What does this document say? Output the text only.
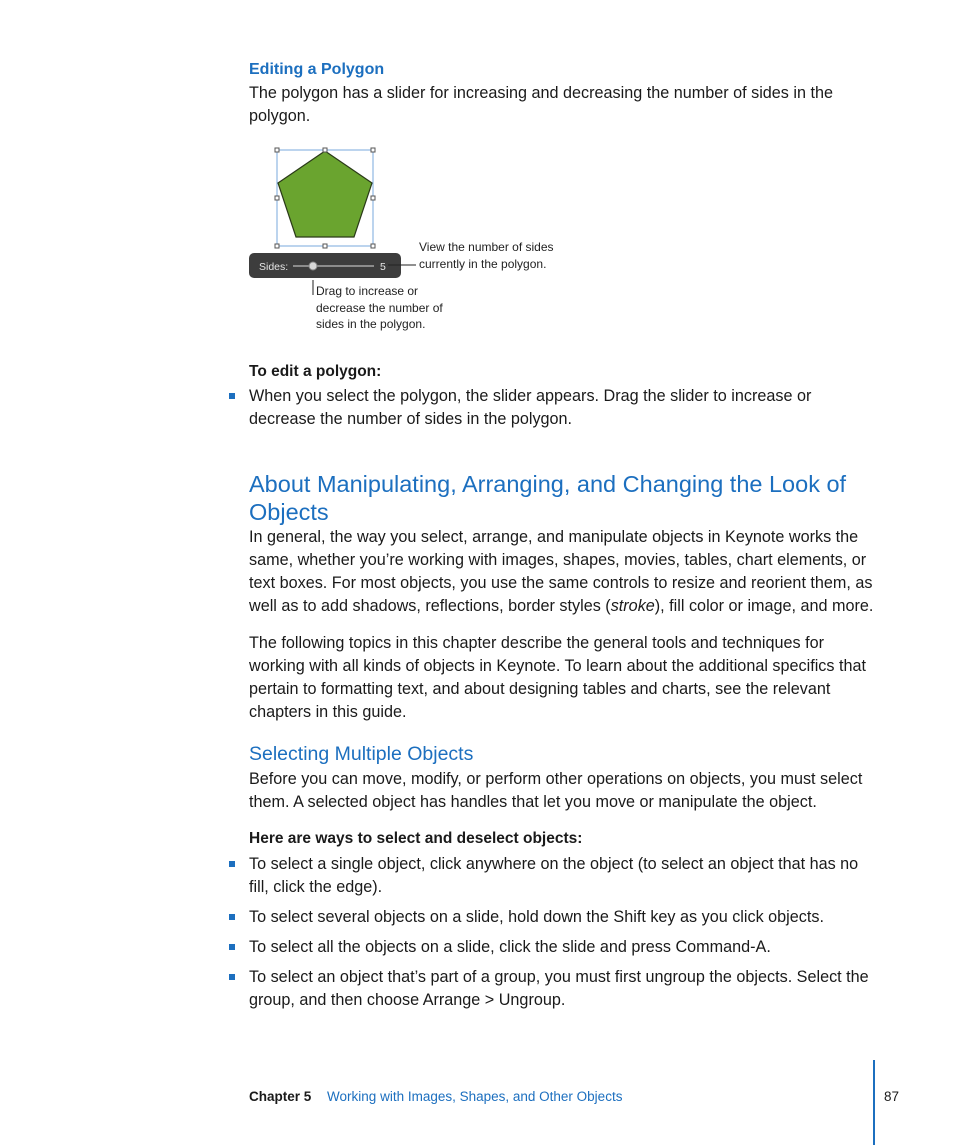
Editing a Polygon
The polygon has a slider for increasing and decreasing the number of sides in the polygon.
Sides:	5
View the number of sides currently in the polygon.
Drag to increase or decrease the number of sides in the polygon.
To edit a polygon:
When you select the polygon, the slider appears. Drag the slider to increase or decrease the number of sides in the polygon.
About Manipulating, Arranging, and Changing the Look of Objects
In general, the way you select, arrange, and manipulate objects in Keynote works the same, whether you’re working with images, shapes, movies, tables, chart elements, or text boxes. For most objects, you use the same controls to resize and reorient them, as well as to add shadows, reflections, border styles (stroke), fill color or image, and more.
The following topics in this chapter describe the general tools and techniques for working with all kinds of objects in Keynote. To learn about the additional specifics that pertain to formatting text, and about designing tables and charts, see the relevant chapters in this guide.
Selecting Multiple Objects
Before you can move, modify, or perform other operations on objects, you must select them. A selected object has handles that let you move or manipulate the object.
Here are ways to select and deselect objects:
To select a single object, click anywhere on the object (to select an object that has no fill, click the edge).
To select several objects on a slide, hold down the Shift key as you click objects.
To select all the objects on a slide, click the slide and press Command-A.
To select an object that’s part of a group, you must first ungroup the objects. Select the group, and then choose Arrange > Ungroup.
Chapter 5 Working with Images, Shapes, and Other Objects	87
